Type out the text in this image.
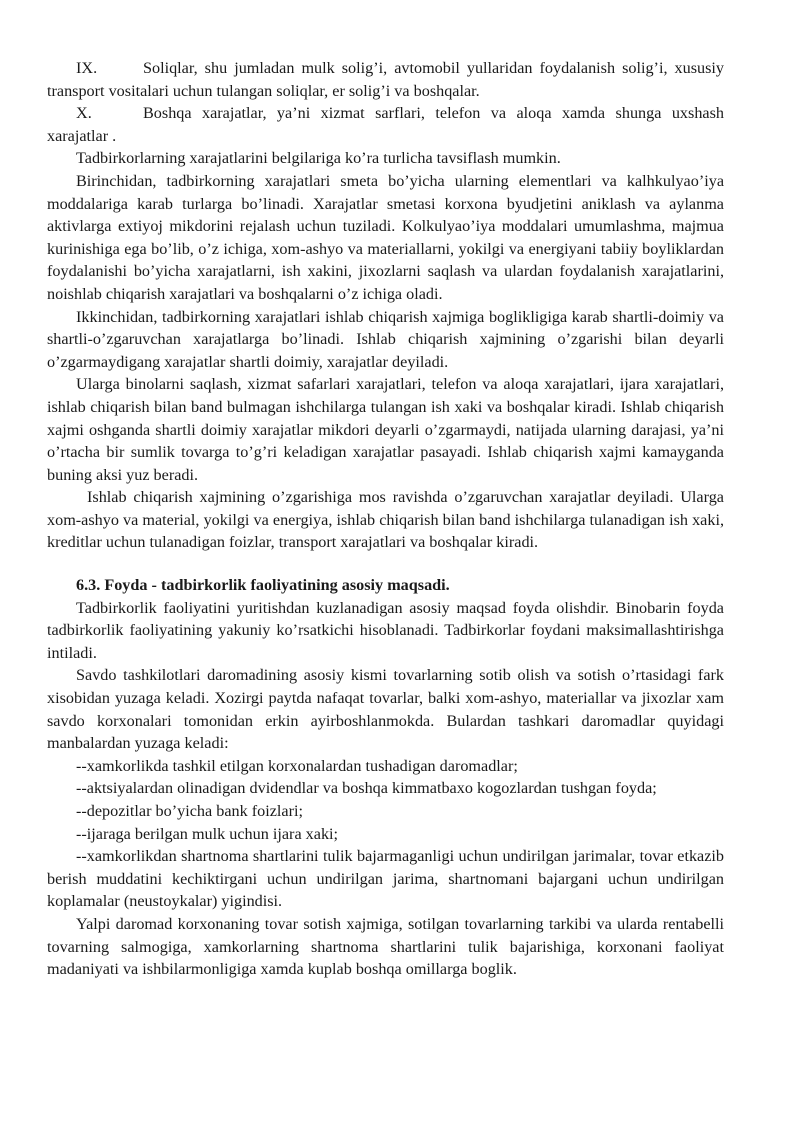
IX.	Soliqlar, shu jumladan mulk solig’i, avtomobil yullaridan foydalanish solig’i, xususiy transport vositalari uchun tulangan soliqlar, er solig’i va boshqalar.

X.	Boshqa xarajatlar, ya’ni xizmat sarflari, telefon va aloqa xamda shunga uxshash xarajatlar .

Tadbirkorlarning xarajatlarini belgilariga ko’ra turlicha tavsiflash mumkin.

Birinchidan, tadbirkorning xarajatlari smeta bo’yicha ularning elementlari va kalhkulyao’iya moddalariga karab turlarga bo’linadi. Xarajatlar smetasi korxona byudjetini aniklash va aylanma aktivlarga extiyoj mikdorini rejalash uchun tuziladi. Kolkulyao’iya moddalari umumlashma, majmua kurinishiga ega bo’lib, o’z ichiga, xom-ashyo va materiallarni, yokilgi va energiyani tabiiy boyliklardan foydalanishi bo’yicha xarajatlarni, ish xakini, jixozlarni saqlash va ulardan foydalanish xarajatlarini, noishlab chiqarish xarajatlari va boshqalarni o’z ichiga oladi.

Ikkinchidan, tadbirkorning xarajatlari ishlab chiqarish xajmiga boglikligiga karab shartli-doimiy va shartli-o’zgaruvchan xarajatlarga bo’linadi. Ishlab chiqarish xajmining o’zgarishi bilan deyarli o’zgarmaydigang xarajatlar shartli doimiy, xarajatlar deyiladi.

Ularga binolarni saqlash, xizmat safarlari xarajatlari, telefon va aloqa xarajatlari, ijara xarajatlari, ishlab chiqarish bilan band bulmagan ishchilarga tulangan ish xaki va boshqalar kiradi. Ishlab chiqarish xajmi oshganda shartli doimiy xarajatlar mikdori deyarli o’zgarmaydi, natijada ularning darajasi, ya’ni o’rtacha bir sumlik tovarga to’g’ri keladigan xarajatlar pasayadi. Ishlab chiqarish xajmi kamayganda buning aksi yuz beradi.

Ishlab chiqarish xajmining o’zgarishiga mos ravishda o’zgaruvchan xarajatlar deyiladi. Ularga xom-ashyo va material, yokilgi va energiya, ishlab chiqarish bilan band ishchilarga tulanadigan ish xaki, kreditlar uchun tulanadigan foizlar, transport xarajatlari va boshqalar kiradi.

6.3. Foyda - tadbirkorlik faoliyatining asosiy maqsadi.

Tadbirkorlik faoliyatini yuritishdan kuzlanadigan asosiy maqsad foyda olishdir. Binobarin foyda tadbirkorlik faoliyatining yakuniy ko’rsatkichi hisoblanadi. Tadbirkorlar foydani maksimallashtirishga intiladi.

Savdo tashkilotlari daromadining asosiy kismi tovarlarning sotib olish va sotish o’rtasidagi fark xisobidan yuzaga keladi. Xozirgi paytda nafaqat tovarlar, balki xom-ashyo, materiallar va jixozlar xam savdo korxonalari tomonidan erkin ayirboshlanmokda. Bulardan tashkari daromadlar quyidagi manbalardan yuzaga keladi:

--xamkorlikda tashkil etilgan korxonalardan tushadigan daromadlar;

--aktsiyalardan olinadigan dvidendlar va boshqa kimmatbaxo kogozlardan tushgan foyda;

--depozitlar bo’yicha bank foizlari;

--ijaraga berilgan mulk uchun ijara xaki;

--xamkorlikdan shartnoma shartlarini tulik bajarmaganligi uchun undirilgan jarimalar, tovar etkazib berish muddatini kechiktirgani uchun undirilgan jarima, shartnomani bajargani uchun undirilgan koplamalar (neustoykalar) yigindisi.

Yalpi daromad korxonaning tovar sotish xajmiga, sotilgan tovarlarning tarkibi va ularda rentabelli tovarning salmogiga, xamkorlarning shartnoma shartlarini tulik bajarishiga, korxonani faoliyat madaniyati va ishbilarmonligiga xamda kuplab boshqa omillarga boglik.
